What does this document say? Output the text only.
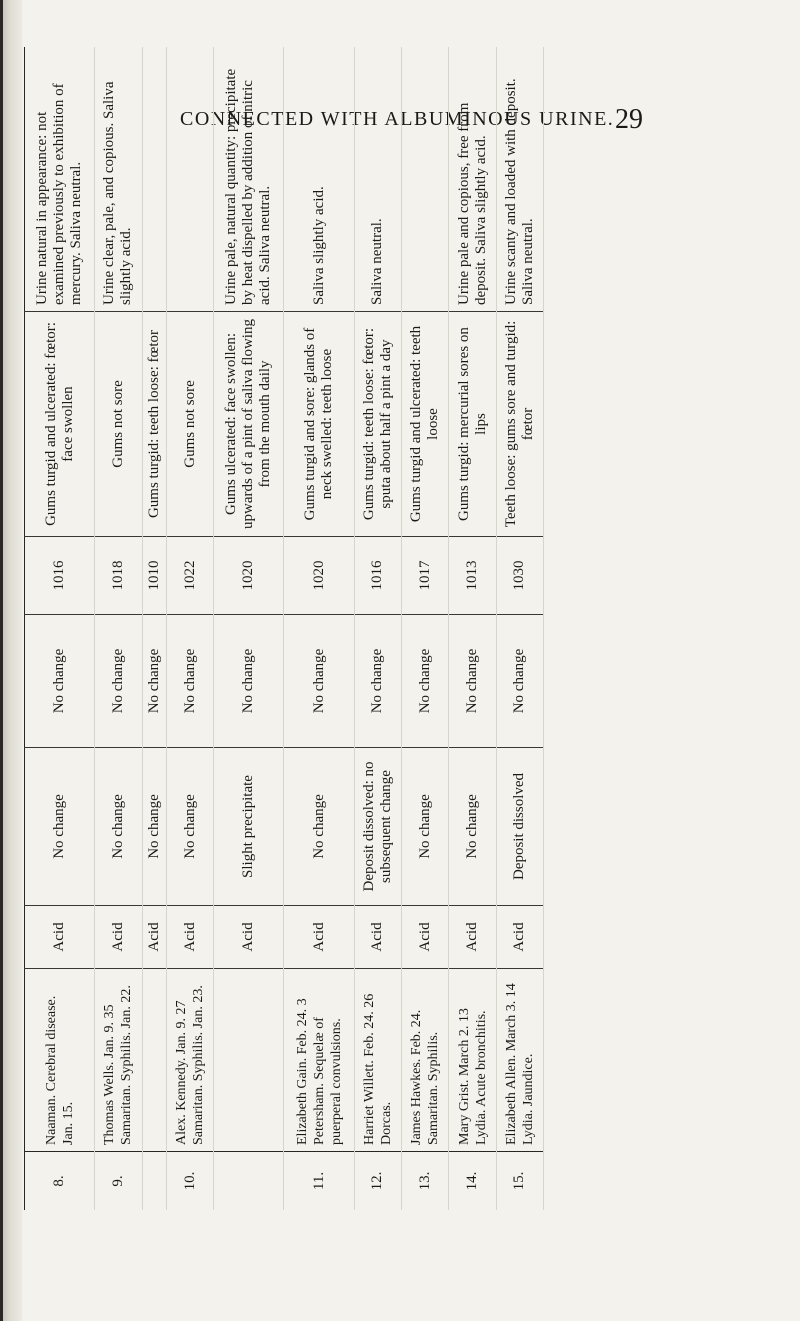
CONNECTED WITH ALBUMINOUS URINE. 29
8.	Naaman. Cerebral disease. Jan. 15.	Acid	No change	No change	1016	Gums turgid and ulcerated: fœtor: face swollen	Urine natural in appearance: not examined previously to exhibition of mercury. Saliva neutral.
9.	Thomas Wells. Jan. 9. 35 Samaritan. Syphilis. Jan. 22.	Acid	No change	No change	1018	Gums not sore	Urine clear, pale, and copious. Saliva slightly acid.
		Acid	No change	No change	1010	Gums turgid: teeth loose: fœtor	
10.	Alex. Kennedy. Jan. 9. 27 Samaritan. Syphilis. Jan. 23.	Acid	No change	No change	1022	Gums not sore	
		Acid	Slight precipitate	No change	1020	Gums ulcerated: face swollen: upwards of a pint of saliva flowing from the mouth daily	Urine pale, natural quantity: precipitate by heat dispelled by addition of nitric acid. Saliva neutral.
11.	Elizabeth Gain. Feb. 24. 3 Petersham. Sequelæ of puerperal convulsions.	Acid	No change	No change	1020	Gums turgid and sore: glands of neck swelled: teeth loose	Saliva slightly acid.
12.	Harriet Willett. Feb. 24. 26 Dorcas.	Acid	Deposit dissolved: no subsequent change	No change	1016	Gums turgid: teeth loose: fœtor: sputa about half a pint a day	Saliva neutral.
13.	James Hawkes. Feb. 24. Samaritan. Syphilis.	Acid	No change	No change	1017	Gums turgid and ulcerated: teeth loose	
14.	Mary Grist. March 2. 13 Lydia. Acute bronchitis.	Acid	No change	No change	1013	Gums turgid: mercurial sores on lips	Urine pale and copious, free from deposit. Saliva slightly acid.
15.	Elizabeth Allen. March 3. 14 Lydia. Jaundice.	Acid	Deposit dissolved	No change	1030	Teeth loose: gums sore and turgid: fœtor	Urine scanty and loaded with deposit. Saliva neutral.
